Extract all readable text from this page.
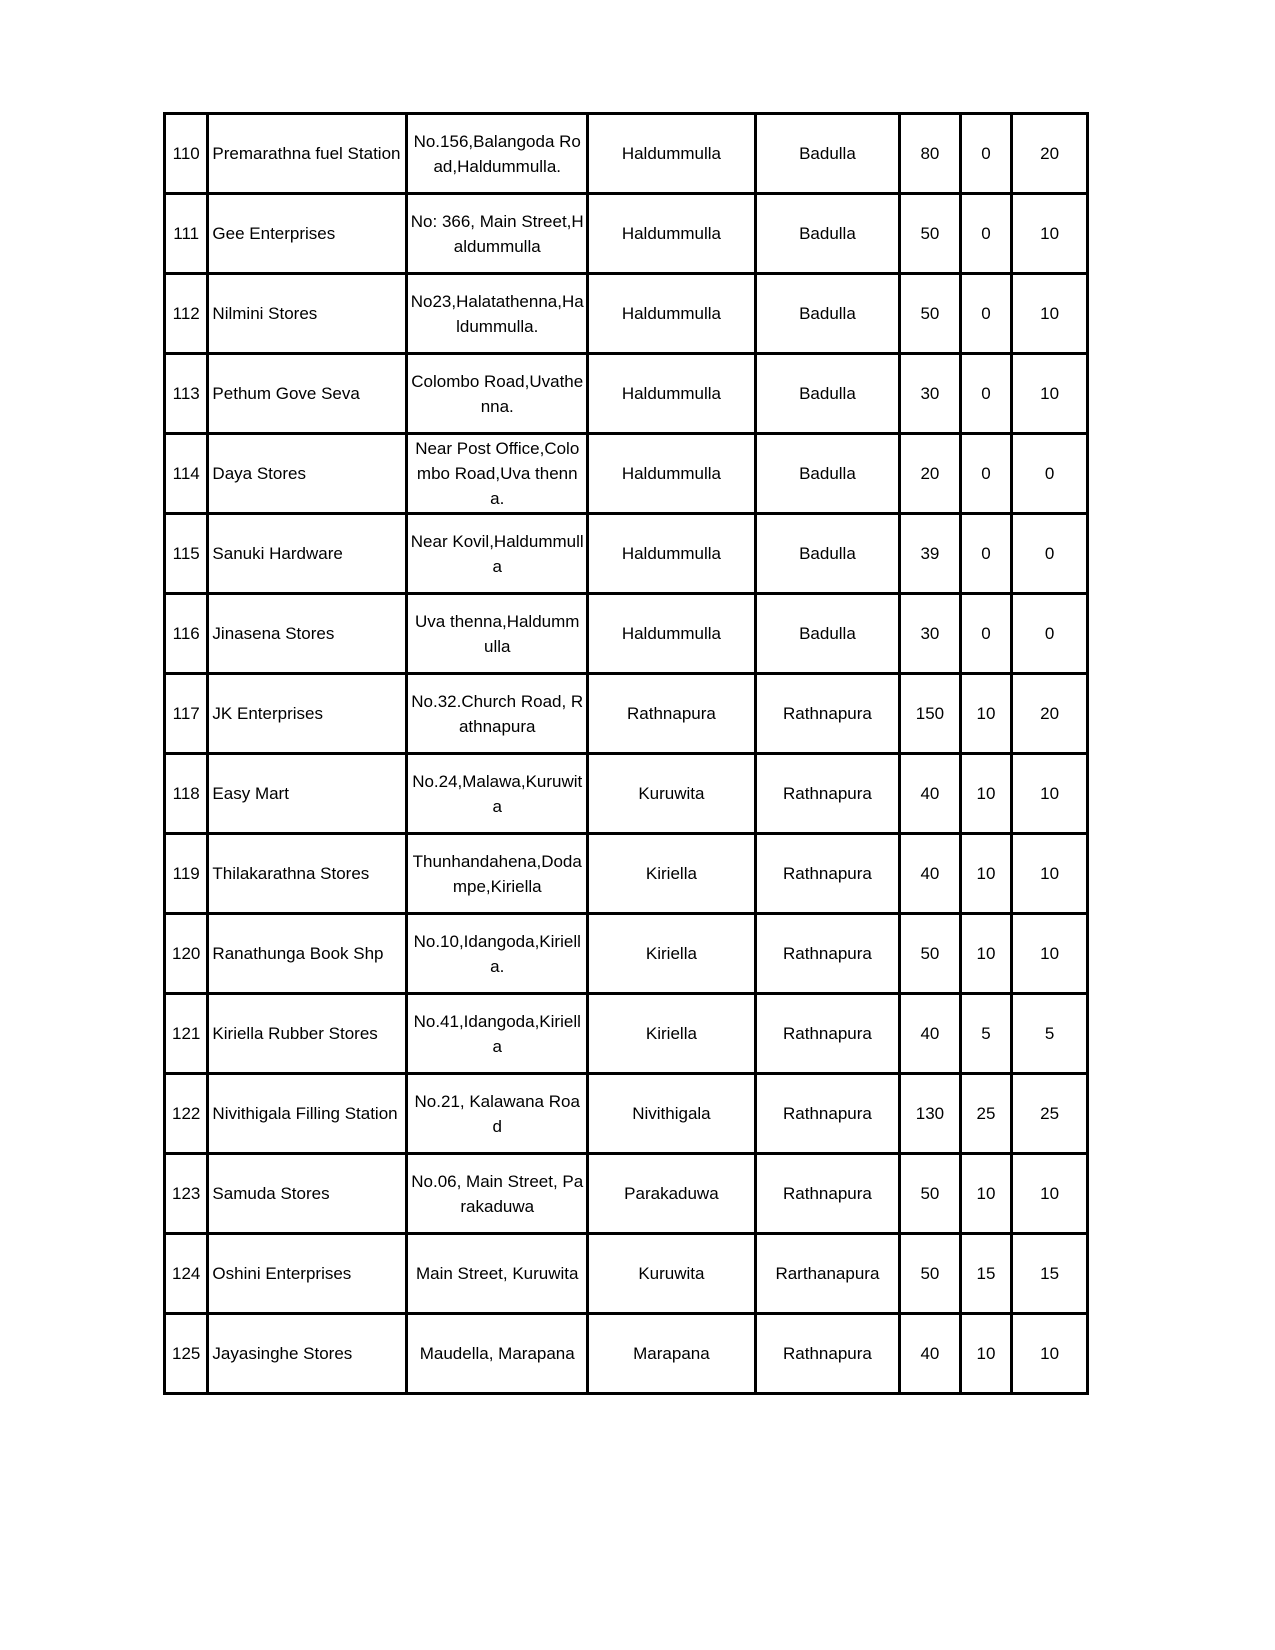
110	Premarathna fuel Station	No.156,Balangoda Road,Haldummulla.	Haldummulla	Badulla	80	0	20
111	Gee Enterprises	No: 366, Main Street,Haldummulla	Haldummulla	Badulla	50	0	10
112	Nilmini Stores	No23,Halatathenna,Haldummulla.	Haldummulla	Badulla	50	0	10
113	Pethum Gove Seva	Colombo Road,Uvathenna.	Haldummulla	Badulla	30	0	10
114	Daya Stores	Near Post Office,Colombo Road,Uva thenna.	Haldummulla	Badulla	20	0	0
115	Sanuki Hardware	Near Kovil,Haldummulla	Haldummulla	Badulla	39	0	0
116	Jinasena Stores	Uva thenna,Haldummulla	Haldummulla	Badulla	30	0	0
117	JK Enterprises	No.32.Church Road, Rathnapura	Rathnapura	Rathnapura	150	10	20
118	Easy Mart	No.24,Malawa,Kuruwita	Kuruwita	Rathnapura	40	10	10
119	Thilakarathna Stores	Thunhandahena,Dodampe,Kiriella	Kiriella	Rathnapura	40	10	10
120	Ranathunga Book Shp	No.10,Idangoda,Kiriella.	Kiriella	Rathnapura	50	10	10
121	Kiriella Rubber Stores	No.41,Idangoda,Kiriella	Kiriella	Rathnapura	40	5	5
122	Nivithigala Filling Station	No.21, Kalawana Road	Nivithigala	Rathnapura	130	25	25
123	Samuda Stores	No.06, Main Street, Parakaduwa	Parakaduwa	Rathnapura	50	10	10
124	Oshini Enterprises	Main Street, Kuruwita	Kuruwita	Rarthanapura	50	15	15
125	Jayasinghe Stores	Maudella, Marapana	Marapana	Rathnapura	40	10	10
